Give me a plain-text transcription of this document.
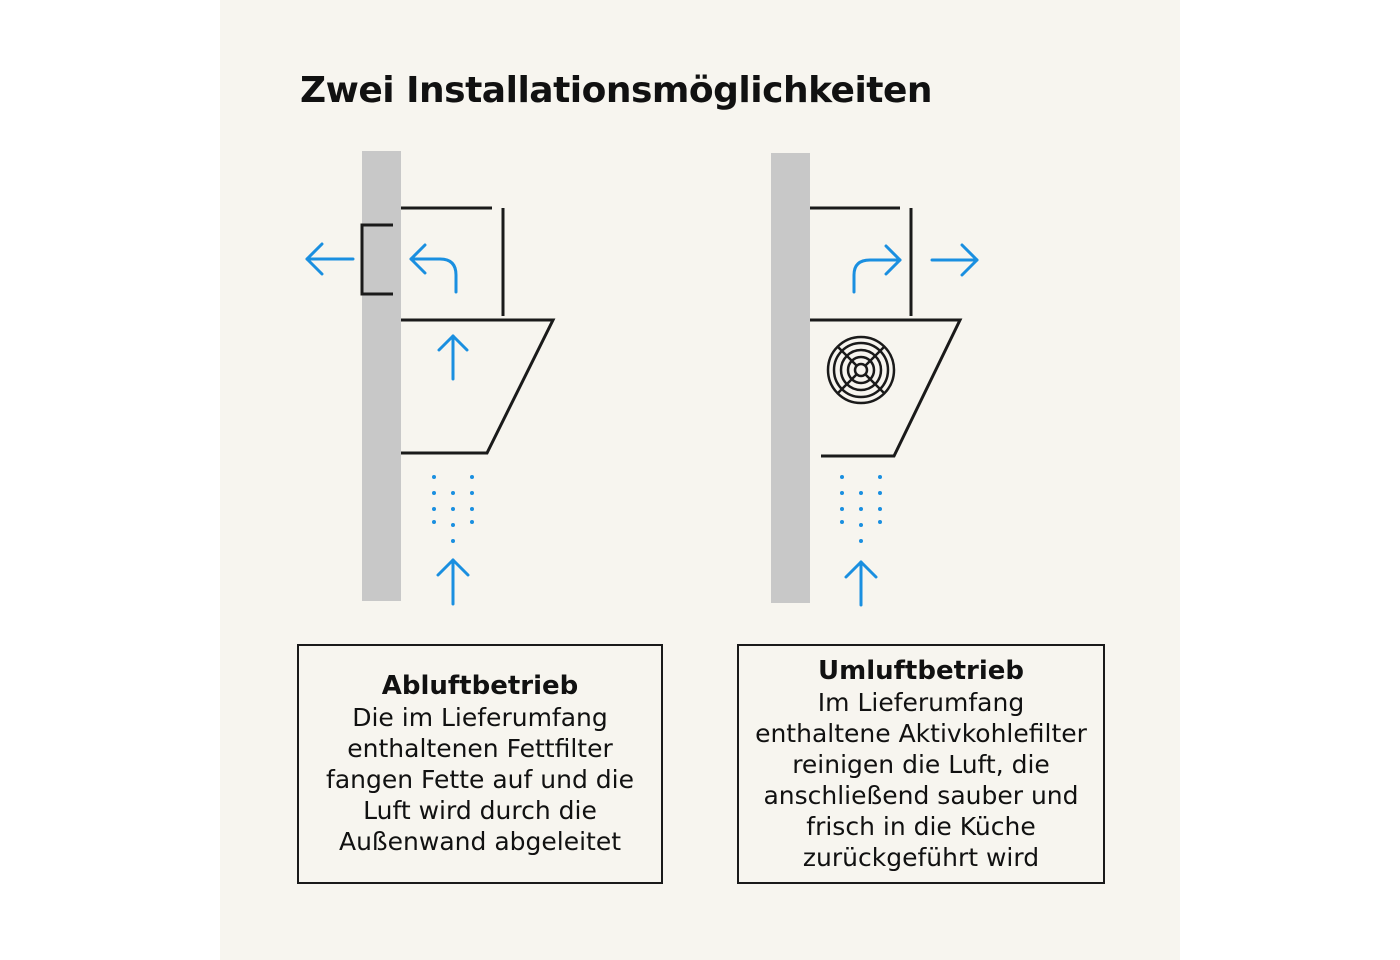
Zwei Installationsmöglichkeiten
Abluftbetrieb

Die im Lieferumfang enthaltenen Fettfilter fangen Fette auf und die Luft wird durch die Außenwand abgeleitet

Umluftbetrieb

Im Lieferumfang enthaltene Aktivkohlefilter reinigen die Luft, die anschließend sauber und frisch in die Küche zurückgeführt wird
